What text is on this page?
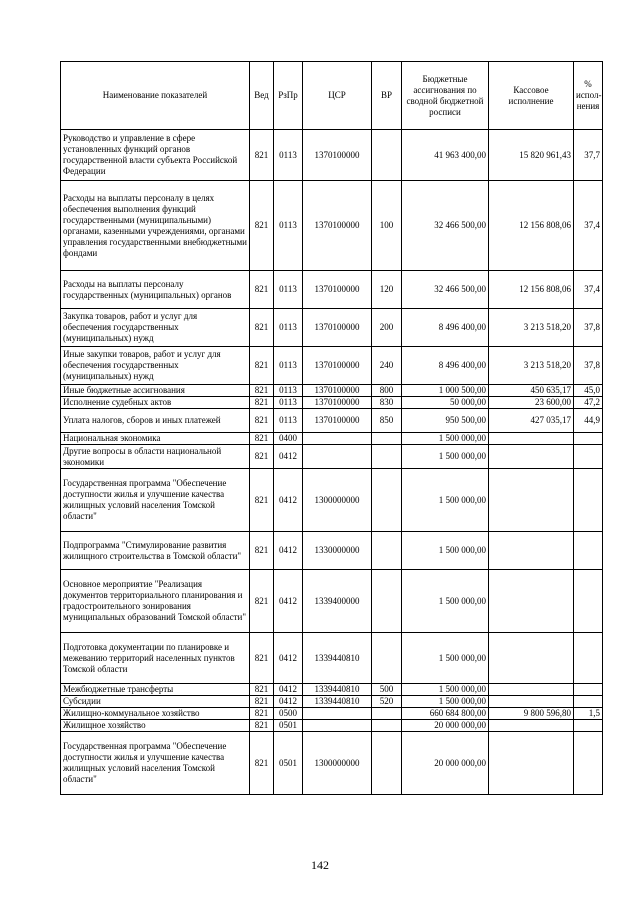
Наименование показателей	Вед	РзПр	ЦСР	ВР	Бюджетные ассигнования по сводной бюджетной росписи	Кассовое исполнение	% испол-нения
Руководство и управление в сфере установленных функций органов государственной власти субъекта Российской Федерации	821	0113	1370100000		41 963 400,00	15 820 961,43	37,7
Расходы на выплаты персоналу в целях обеспечения выполнения функций государственными (муниципальными) органами, казенными учреждениями, органами управления государственными внебюджетными фондами	821	0113	1370100000	100	32 466 500,00	12 156 808,06	37,4
Расходы на выплаты персоналу государственных (муниципальных) органов	821	0113	1370100000	120	32 466 500,00	12 156 808,06	37,4
Закупка товаров, работ и услуг для обеспечения государственных (муниципальных) нужд	821	0113	1370100000	200	8 496 400,00	3 213 518,20	37,8
Иные закупки товаров, работ и услуг для обеспечения государственных (муниципальных) нужд	821	0113	1370100000	240	8 496 400,00	3 213 518,20	37,8
Иные бюджетные ассигнования	821	0113	1370100000	800	1 000 500,00	450 635,17	45,0
Исполнение судебных актов	821	0113	1370100000	830	50 000,00	23 600,00	47,2
Уплата налогов, сборов и иных платежей	821	0113	1370100000	850	950 500,00	427 035,17	44,9
Национальная экономика	821	0400			1 500 000,00		
Другие вопросы в области национальной экономики	821	0412			1 500 000,00		
Государственная программа "Обеспечение доступности жилья и улучшение качества жилищных условий населения Томской области"	821	0412	1300000000		1 500 000,00		
Подпрограмма "Стимулирование развития жилищного строительства в Томской области"	821	0412	1330000000		1 500 000,00		
Основное мероприятие "Реализация документов территориального планирования и градостроительного зонирования муниципальных образований Томской области"	821	0412	1339400000		1 500 000,00		
Подготовка документации по планировке и межеванию территорий населенных пунктов Томской области	821	0412	1339440810		1 500 000,00		
Межбюджетные трансферты	821	0412	1339440810	500	1 500 000,00		
Субсидии	821	0412	1339440810	520	1 500 000,00		
Жилищно-коммунальное хозяйство	821	0500			660 684 800,00	9 800 596,80	1,5
Жилищное хозяйство	821	0501			20 000 000,00		
Государственная программа "Обеспечение доступности жилья и улучшение качества жилищных условий населения Томской области"	821	0501	1300000000		20 000 000,00		
142
